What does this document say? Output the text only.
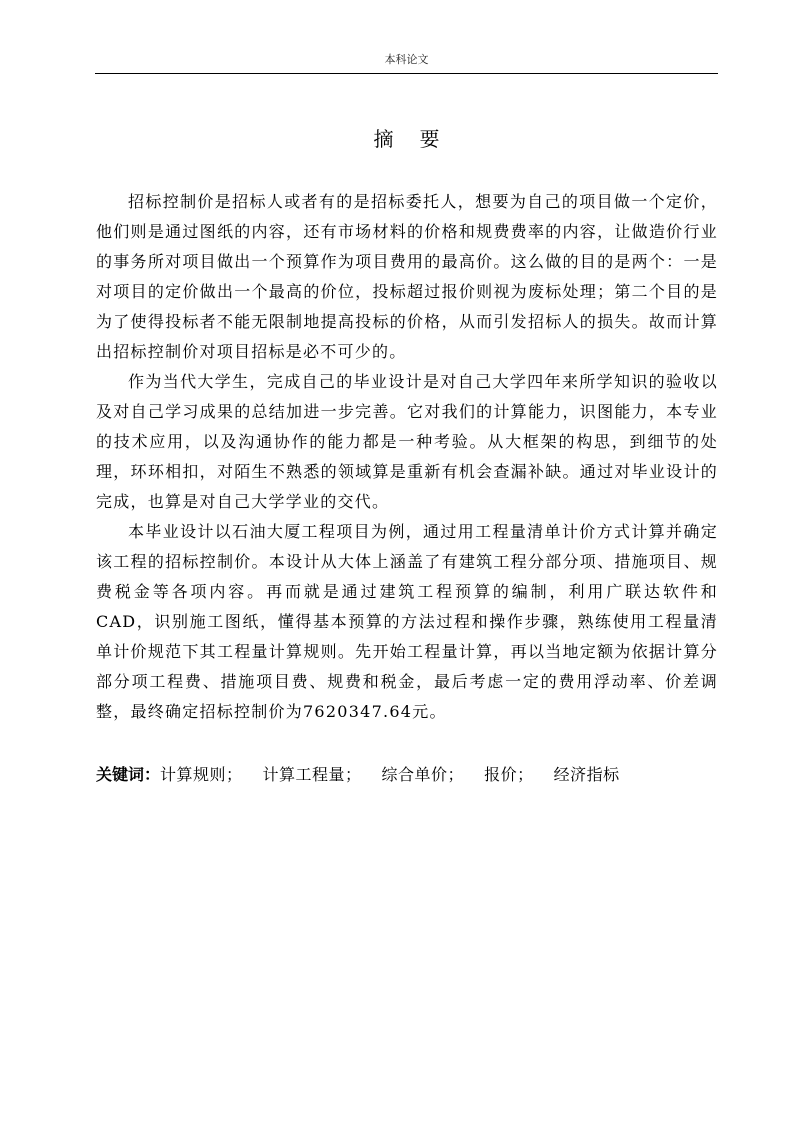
本科论文
摘要

招标控制价是招标人或者有的是招标委托人，想要为自己的项目做一个定价，他们则是通过图纸的内容，还有市场材料的价格和规费费率的内容，让做造价行业的事务所对项目做出一个预算作为项目费用的最高价。这么做的目的是两个：一是对项目的定价做出一个最高的价位，投标超过报价则视为废标处理；第二个目的是为了使得投标者不能无限制地提高投标的价格，从而引发招标人的损失。故而计算出招标控制价对项目招标是必不可少的。

作为当代大学生，完成自己的毕业设计是对自己大学四年来所学知识的验收以及对自己学习成果的总结加进一步完善。它对我们的计算能力，识图能力，本专业的技术应用，以及沟通协作的能力都是一种考验。从大框架的构思，到细节的处理，环环相扣，对陌生不熟悉的领域算是重新有机会查漏补缺。通过对毕业设计的完成，也算是对自己大学学业的交代。

本毕业设计以石油大厦工程项目为例，通过用工程量清单计价方式计算并确定该工程的招标控制价。本设计从大体上涵盖了有建筑工程分部分项、措施项目、规费税金等各项内容。再而就是通过建筑工程预算的编制，利用广联达软件和CAD，识别施工图纸，懂得基本预算的方法过程和操作步骤，熟练使用工程量清单计价规范下其工程量计算规则。先开始工程量计算，再以当地定额为依据计算分部分项工程费、措施项目费、规费和税金，最后考虑一定的费用浮动率、价差调整，最终确定招标控制价为7620347.64元。

关键词：计算规则； 计算工程量； 综合单价； 报价； 经济指标
